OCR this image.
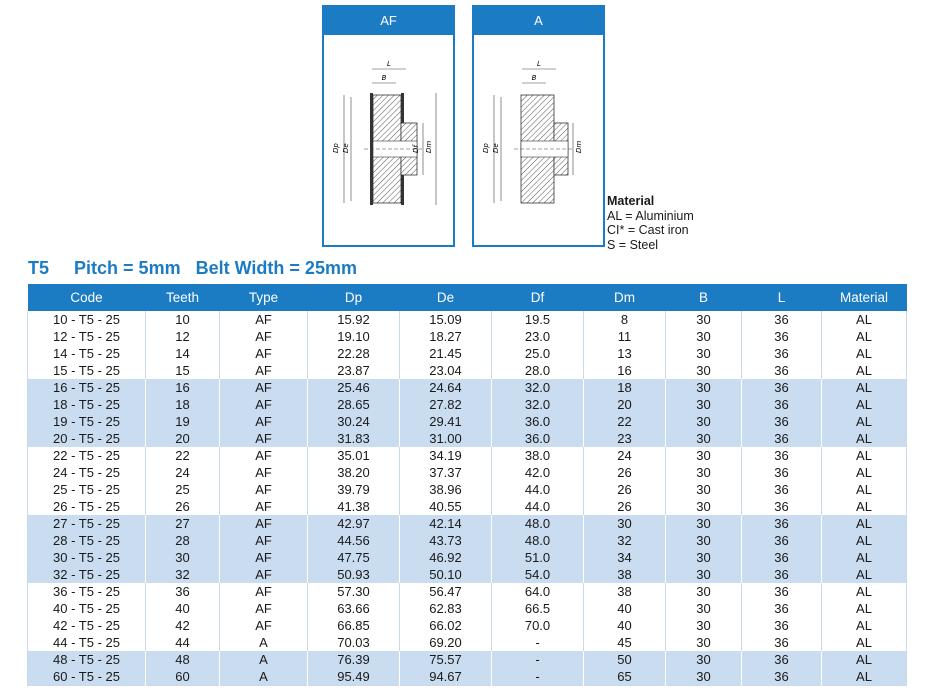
AF
L
B
Dp De	Dm
Df
A
L
B
Dp De	Dm
Material
AL = Aluminium
CI* = Cast iron
S = Steel
T5 Pitch = 5mm Belt Width = 25mm
Code	Teeth	Type	Dp	De	Df	Dm	B	L	Material
10 - T5 - 25	10	AF	15.92	15.09	19.5	8	30	36	AL
12 - T5 - 25	12	AF	19.10	18.27	23.0	11	30	36	AL
14 - T5 - 25	14	AF	22.28	21.45	25.0	13	30	36	AL
15 - T5 - 25	15	AF	23.87	23.04	28.0	16	30	36	AL
16 - T5 - 25	16	AF	25.46	24.64	32.0	18	30	36	AL
18 - T5 - 25	18	AF	28.65	27.82	32.0	20	30	36	AL
19 - T5 - 25	19	AF	30.24	29.41	36.0	22	30	36	AL
20 - T5 - 25	20	AF	31.83	31.00	36.0	23	30	36	AL
22 - T5 - 25	22	AF	35.01	34.19	38.0	24	30	36	AL
24 - T5 - 25	24	AF	38.20	37.37	42.0	26	30	36	AL
25 - T5 - 25	25	AF	39.79	38.96	44.0	26	30	36	AL
26 - T5 - 25	26	AF	41.38	40.55	44.0	26	30	36	AL
27 - T5 - 25	27	AF	42.97	42.14	48.0	30	30	36	AL
28 - T5 - 25	28	AF	44.56	43.73	48.0	32	30	36	AL
30 - T5 - 25	30	AF	47.75	46.92	51.0	34	30	36	AL
32 - T5 - 25	32	AF	50.93	50.10	54.0	38	30	36	AL
36 - T5 - 25	36	AF	57.30	56.47	64.0	38	30	36	AL
40 - T5 - 25	40	AF	63.66	62.83	66.5	40	30	36	AL
42 - T5 - 25	42	AF	66.85	66.02	70.0	40	30	36	AL
44 - T5 - 25	44	A	70.03	69.20	-	45	30	36	AL
48 - T5 - 25	48	A	76.39	75.57	-	50	30	36	AL
60 - T5 - 25	60	A	95.49	94.67	-	65	30	36	AL
